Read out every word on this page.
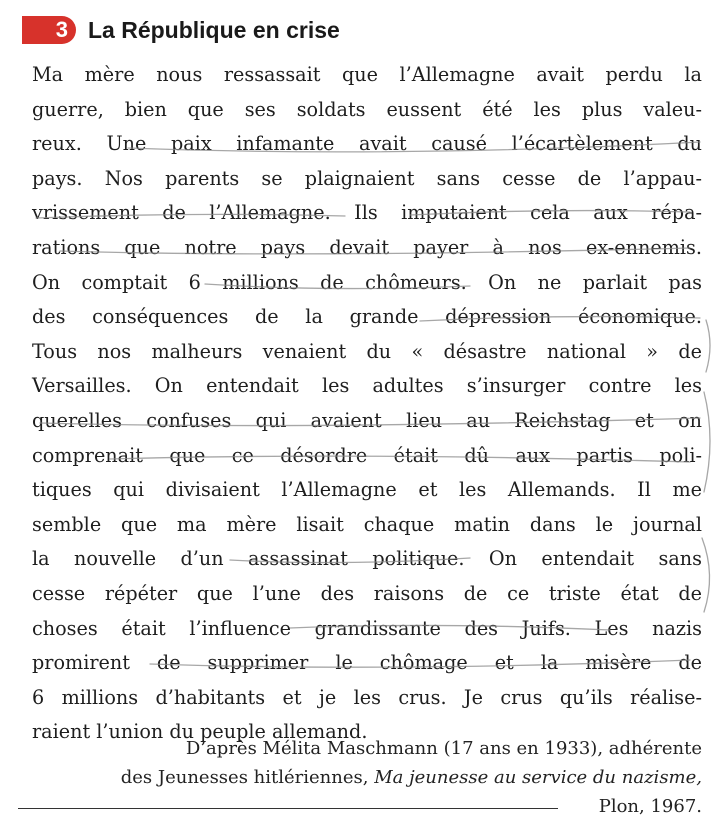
3 La République en crise
Ma mère nous ressassait que l’Allemagne avait perdu la
guerre, bien que ses soldats eussent été les plus valeu-
reux. Une paix infamante avait causé l’écartèlement du
pays. Nos parents se plaignaient sans cesse de l’appau-
vrissement de l’Allemagne. Ils imputaient cela aux répa-
rations que notre pays devait payer à nos ex-ennemis.
On comptait 6 millions de chômeurs. On ne parlait pas
des conséquences de la grande dépression économique.
Tous nos malheurs venaient du « désastre national » de
Versailles. On entendait les adultes s’insurger contre les
querelles confuses qui avaient lieu au Reichstag et on
comprenait que ce désordre était dû aux partis poli-
tiques qui divisaient l’Allemagne et les Allemands. Il me
semble que ma mère lisait chaque matin dans le journal
la nouvelle d’un assassinat politique. On entendait sans
cesse répéter que l’une des raisons de ce triste état de
choses était l’influence grandissante des Juifs. Les nazis
promirent de supprimer le chômage et la misère de
6 millions d’habitants et je les crus. Je crus qu’ils réalise-
raient l’union du peuple allemand.
D’après Mélita Maschmann (17 ans en 1933), adhérente
des Jeunesses hitlériennes, Ma jeunesse au service du nazisme,
Plon, 1967.
